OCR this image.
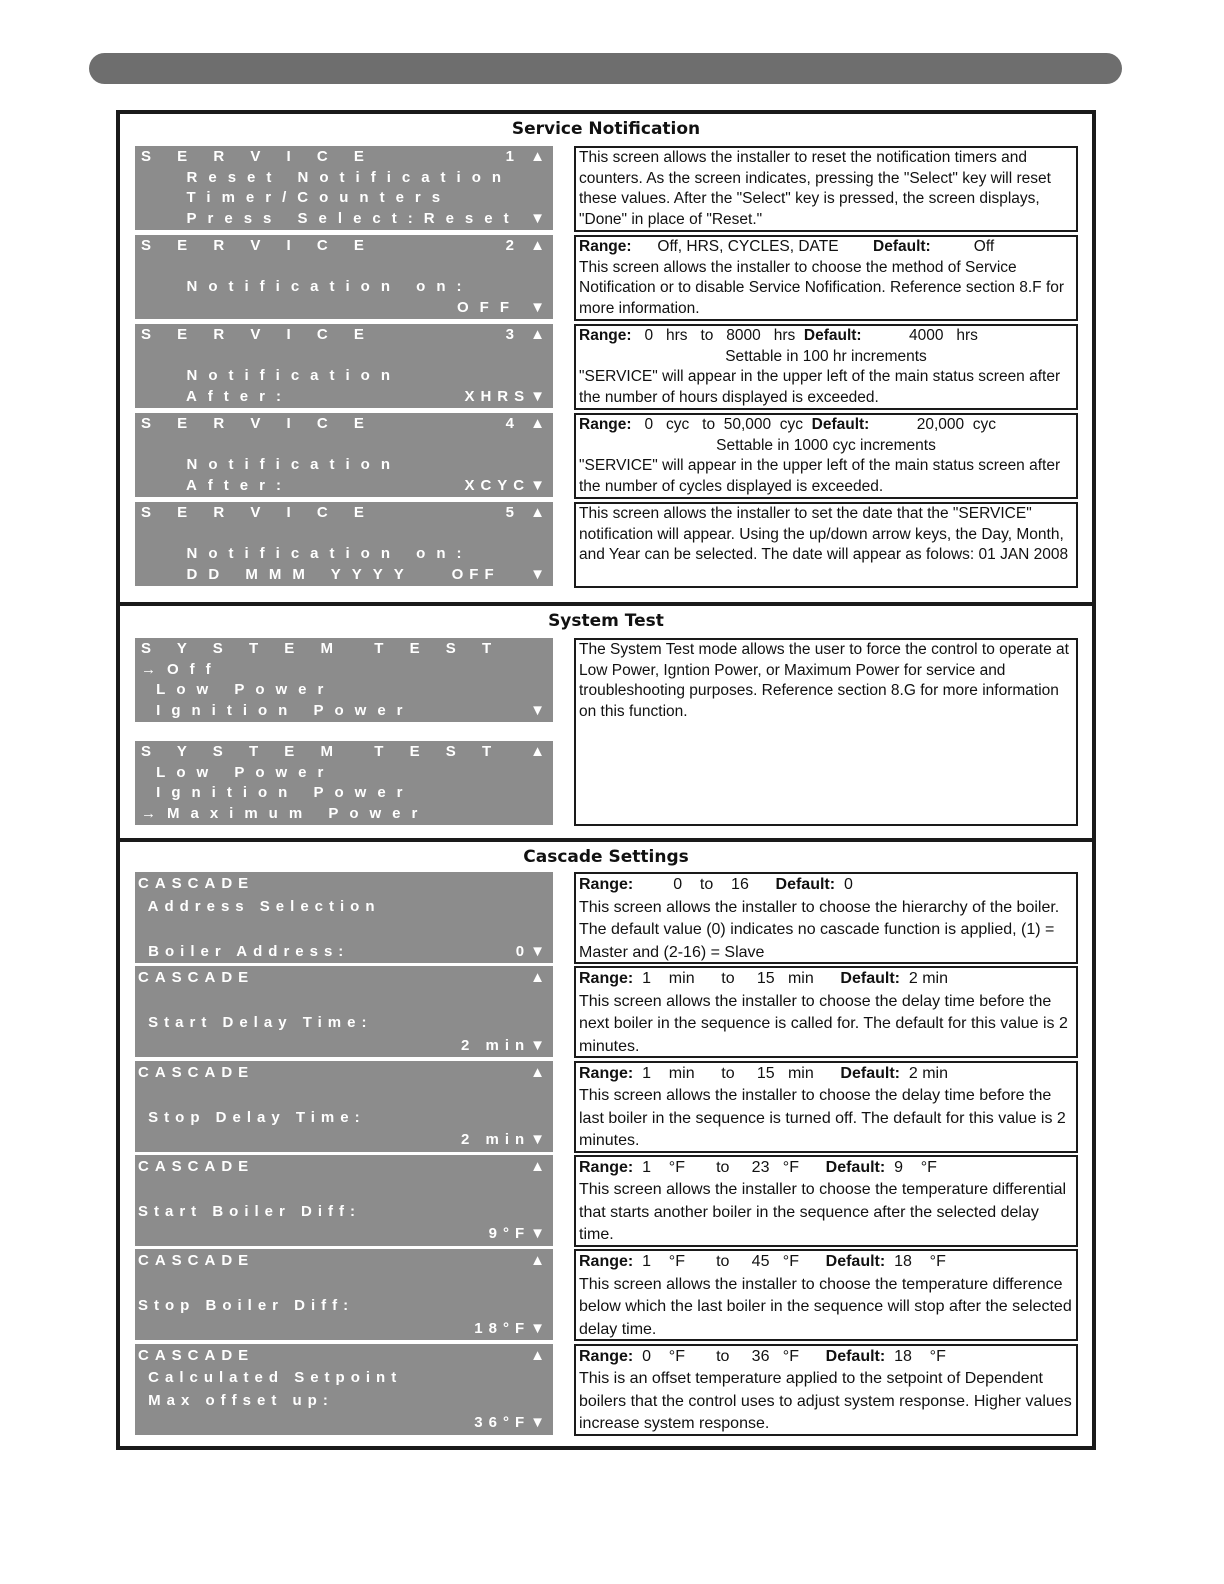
Service Notification
S E R V I C E	1 ▲
Reset Notification
Timer/Counters
Press Select:Reset ▼
This screen allows the installer to reset the notification timers and counters. As the screen indicates, pressing the "Select" key will reset these values. After the "Select" key is pressed, the screen displays, "Done" in place of "Reset."
S E R V I C E	2 ▲
Notification on:
OFF ▼
Range: Off, HRS, CYCLES, DATE Default:	Off
This screen allows the installer to choose the method of Service Notification or to disable Service Nofification. Reference section 8.F for more information.
S E R V I C E	3 ▲
Notification
After:	XHRS▼
Range: 0   hrs   to   8000   hrs Default:	4000   hrs
Settable in 100 hr increments
"SERVICE" will appear in the upper left of the main status screen after the number of hours displayed is exceeded.
S E R V I C E	4 ▲
Notification
After:	XCYC▼
Range: 0   cyc   to  50,000  cyc Default:	20,000  cyc
Settable in 1000 cyc increments
"SERVICE" will appear in the upper left of the main status screen after the number of cycles displayed is exceeded.
S E R V I C E	5 ▲
Notification on:
DD MMM YYYY OFF ▼
This screen allows the installer to set the date that the "SERVICE" notification will appear. Using the up/down arrow keys, the Day, Month, and Year can be selected. The date will appear as folows: 01 JAN 2008
System Test
S Y S T E M  T E S T
→Off
Low Power
Ignition Power	▼
S Y S T E M  T E S T ▲
Low Power
Ignition Power
→Maximum Power
The System Test mode allows the user to force the control to operate at Low Power, Igntion Power, or Maximum Power for service and troubleshooting purposes. Reference section 8.G for more information on this function.
Cascade Settings
CASCADE
Address Selection
Boiler Address:	0▼
Range:         0    to    16 Default: 0
This screen allows the installer to choose the hierarchy of the boiler. The default value (0) indicates no cascade function is applied, (1) = Master and (2-16) = Slave
CASCADE	▲
Start Delay Time:
2 min▼
Range:  1    min      to     15   min Default: 2 min
This screen allows the installer to choose the delay time before the next boiler in the sequence is called for. The default for this value is 2 minutes.
CASCADE	▲
Stop Delay Time:
2 min▼
Range:  1    min      to     15   min Default: 2 min
This screen allows the installer to choose the delay time before the last boiler in the sequence is turned off. The default for this value is 2 minutes.
CASCADE	▲
Start Boiler Diff:
9°F▼
Range:  1    °F       to     23   °F Default: 9    °F
This screen allows the installer to choose the temperature differential that starts another boiler in the sequence after the selected delay time.
CASCADE	▲
Stop Boiler Diff:
18°F▼
Range:  1    °F       to     45   °F Default: 18    °F
This screen allows the installer to choose the temperature difference below which the last boiler in the sequence will stop after the selected delay time.
CASCADE	▲
Calculated Setpoint
Max offset up:
36°F▼
Range:  0    °F       to     36   °F Default: 18    °F
This is an offset temperature applied to the setpoint of Dependent boilers that the control uses to adjust system response. Higher values increase system response.
